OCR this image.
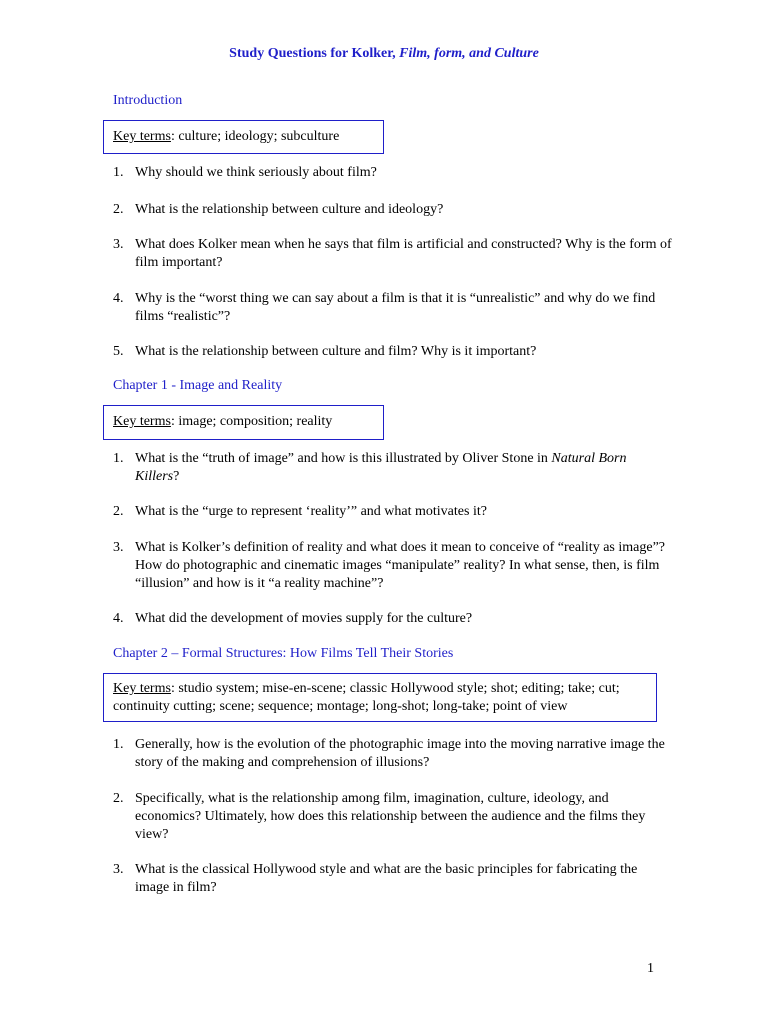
Study Questions for Kolker, Film, form, and Culture
Introduction
Key terms: culture; ideology; subculture
1. Why should we think seriously about film?
2. What is the relationship between culture and ideology?
3. What does Kolker mean when he says that film is artificial and constructed? Why is the form of film important?
4. Why is the “worst thing we can say about a film is that it is “unrealistic” and why do we find films “realistic”?
5. What is the relationship between culture and film? Why is it important?
Chapter 1 - Image and Reality
Key terms: image; composition; reality
1. What is the “truth of image” and how is this illustrated by Oliver Stone in Natural Born Killers?
2. What is the “urge to represent ‘reality’” and what motivates it?
3. What is Kolker’s definition of reality and what does it mean to conceive of “reality as image”? How do photographic and cinematic images “manipulate” reality? In what sense, then, is film “illusion” and how is it “a reality machine”?
4. What did the development of movies supply for the culture?
Chapter 2 – Formal Structures: How Films Tell Their Stories
Key terms: studio system; mise-en-scene; classic Hollywood style; shot; editing; take; cut; continuity cutting; scene; sequence; montage; long-shot; long-take; point of view
1. Generally, how is the evolution of the photographic image into the moving narrative image the story of the making and comprehension of illusions?
2. Specifically, what is the relationship among film, imagination, culture, ideology, and economics? Ultimately, how does this relationship between the audience and the films they view?
3. What is the classical Hollywood style and what are the basic principles for fabricating the image in film?
1
